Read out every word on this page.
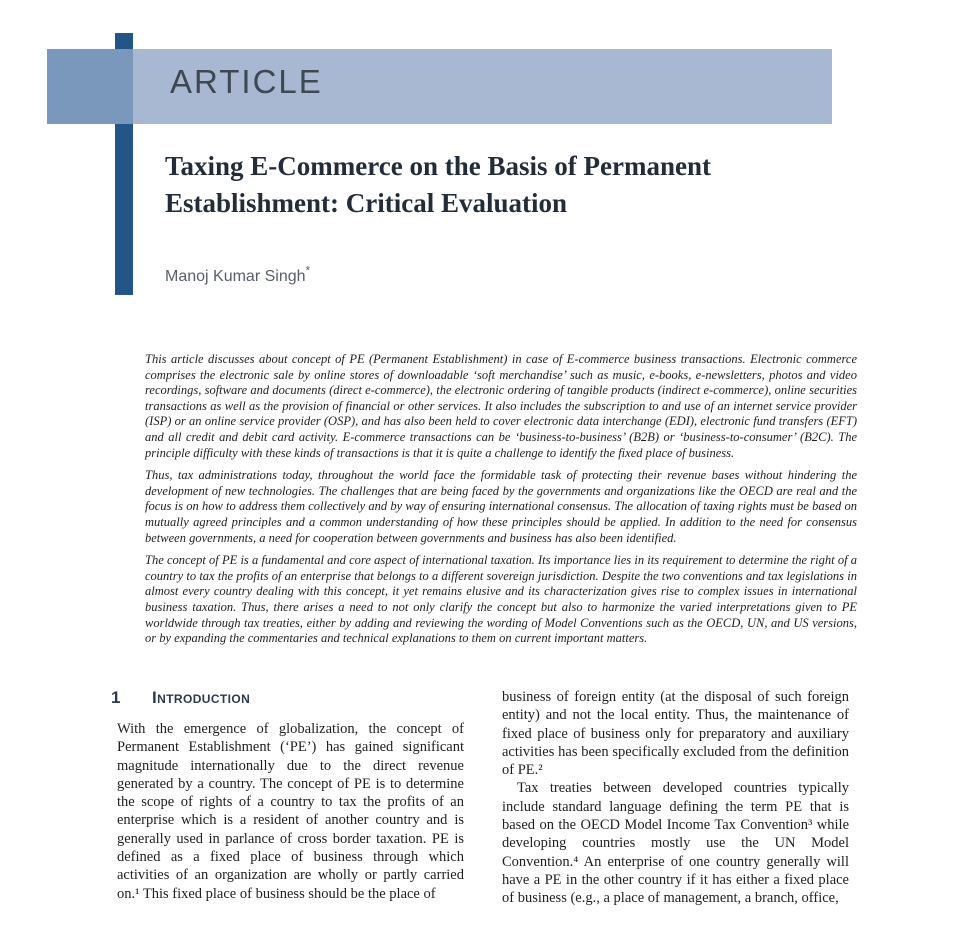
ARTICLE
Taxing E-Commerce on the Basis of Permanent Establishment: Critical Evaluation
Manoj Kumar Singh*

This article discusses about concept of PE (Permanent Establishment) in case of E-commerce business transactions. Electronic commerce comprises the electronic sale by online stores of downloadable ‘soft merchandise’ such as music, e-books, e-newsletters, photos and video recordings, software and documents (direct e-commerce), the electronic ordering of tangible products (indirect e-commerce), online securities transactions as well as the provision of financial or other services. It also includes the subscription to and use of an internet service provider (ISP) or an online service provider (OSP), and has also been held to cover electronic data interchange (EDI), electronic fund transfers (EFT) and all credit and debit card activity. E-commerce transactions can be ‘business-to-business’ (B2B) or ‘business-to-consumer’ (B2C). The principle difficulty with these kinds of transactions is that it is quite a challenge to identify the fixed place of business.

Thus, tax administrations today, throughout the world face the formidable task of protecting their revenue bases without hindering the development of new technologies. The challenges that are being faced by the governments and organizations like the OECD are real and the focus is on how to address them collectively and by way of ensuring international consensus. The allocation of taxing rights must be based on mutually agreed principles and a common understanding of how these principles should be applied. In addition to the need for consensus between governments, a need for cooperation between governments and business has also been identified.

The concept of PE is a fundamental and core aspect of international taxation. Its importance lies in its requirement to determine the right of a country to tax the profits of an enterprise that belongs to a different sovereign jurisdiction. Despite the two conventions and tax legislations in almost every country dealing with this concept, it yet remains elusive and its characterization gives rise to complex issues in international business taxation. Thus, there arises a need to not only clarify the concept but also to harmonize the varied interpretations given to PE worldwide through tax treaties, either by adding and reviewing the wording of Model Conventions such as the OECD, UN, and US versions, or by expanding the commentaries and technical explanations to them on current important matters.

1 Introduction

With the emergence of globalization, the concept of Permanent Establishment (‘PE’) has gained significant magnitude internationally due to the direct revenue generated by a country. The concept of PE is to determine the scope of rights of a country to tax the profits of an enterprise which is a resident of another country and is generally used in parlance of cross border taxation. PE is defined as a fixed place of business through which activities of an organization are wholly or partly carried on.¹ This fixed place of business should be the place of

business of foreign entity (at the disposal of such foreign entity) and not the local entity. Thus, the maintenance of fixed place of business only for preparatory and auxiliary activities has been specifically excluded from the definition of PE.²

Tax treaties between developed countries typically include standard language defining the term PE that is based on the OECD Model Income Tax Convention³ while developing countries mostly use the UN Model Convention.⁴ An enterprise of one country generally will have a PE in the other country if it has either a fixed place of business (e.g., a place of management, a branch, office,
